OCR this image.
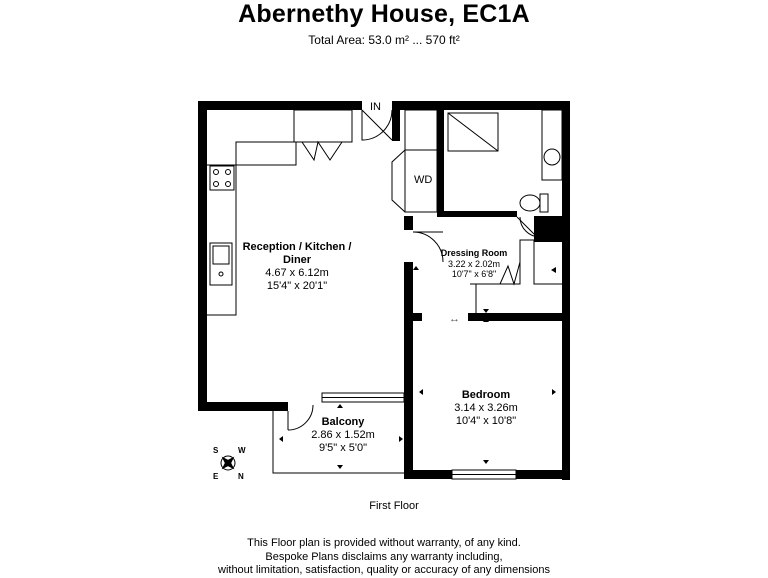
Abernethy House, EC1A
Total Area: 53.0 m² ... 570 ft²
Reception / Kitchen / Diner
4.67 x 6.12m
15'4" x 20'1"
Dressing Room
3.22 x 2.02m
10'7" x 6'8"
Bedroom
3.14 x 3.26m
10'4" x 10'8"
Balcony
2.86 x 1.52m
9'5" x 5'0"
IN
WD
↔
S W
E N
First Floor
This Floor plan is provided without warranty, of any kind.
Bespoke Plans disclaims any warranty including,
without limitation, satisfaction, quality or accuracy of any dimensions
